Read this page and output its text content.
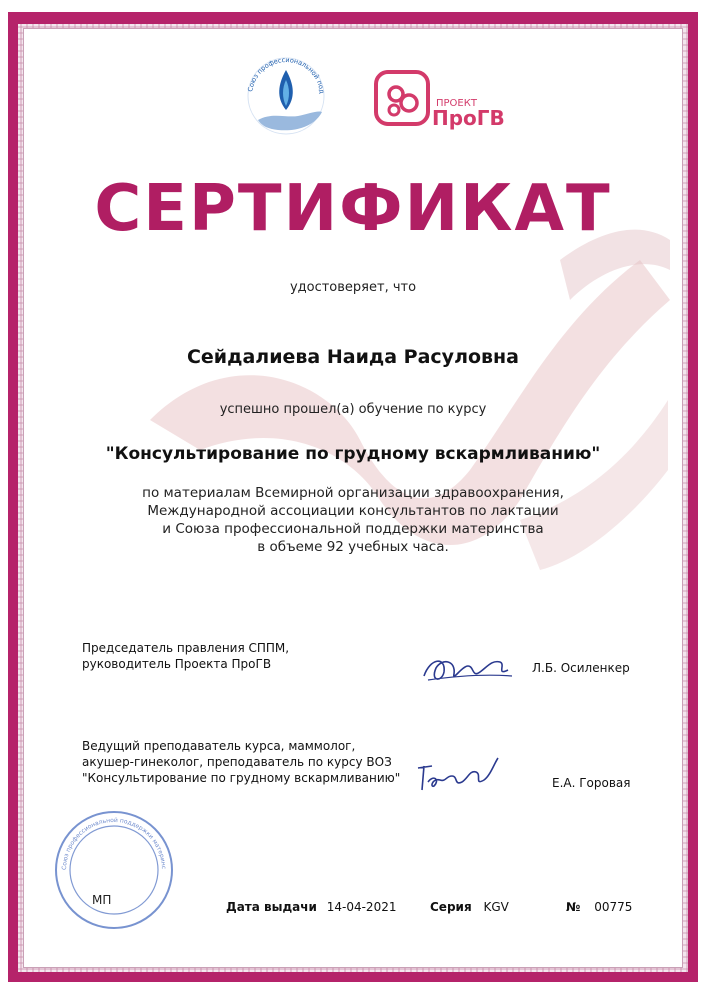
Союз профессиональной под
ПРОЕКТ
ПроГВ
СЕРТИФИКАТ
удостоверяет, что
Сейдалиева Наида Расуловна
успешно прошел(а) обучение по курсу
"Консультирование по грудному вскармливанию"
по материалам Всемирной организации здравоохранения,
Международной ассоциации консультантов по лактации
и Союза профессиональной поддержки материнства
в объеме 92 учебных часа.
Председатель правления СППМ,
руководитель Проекта ПроГВ	Л.Б. Осиленкер
Ведущий преподаватель курса, маммолог,
акушер-гинеколог, преподаватель по курсу ВОЗ
"Консультирование по грудному вскармливанию"	Е.А. Горовая
Союз профессиональной поддержки материнс
МП	Дата выдачи 14-04-2021	Серия KGV	№ 00775
